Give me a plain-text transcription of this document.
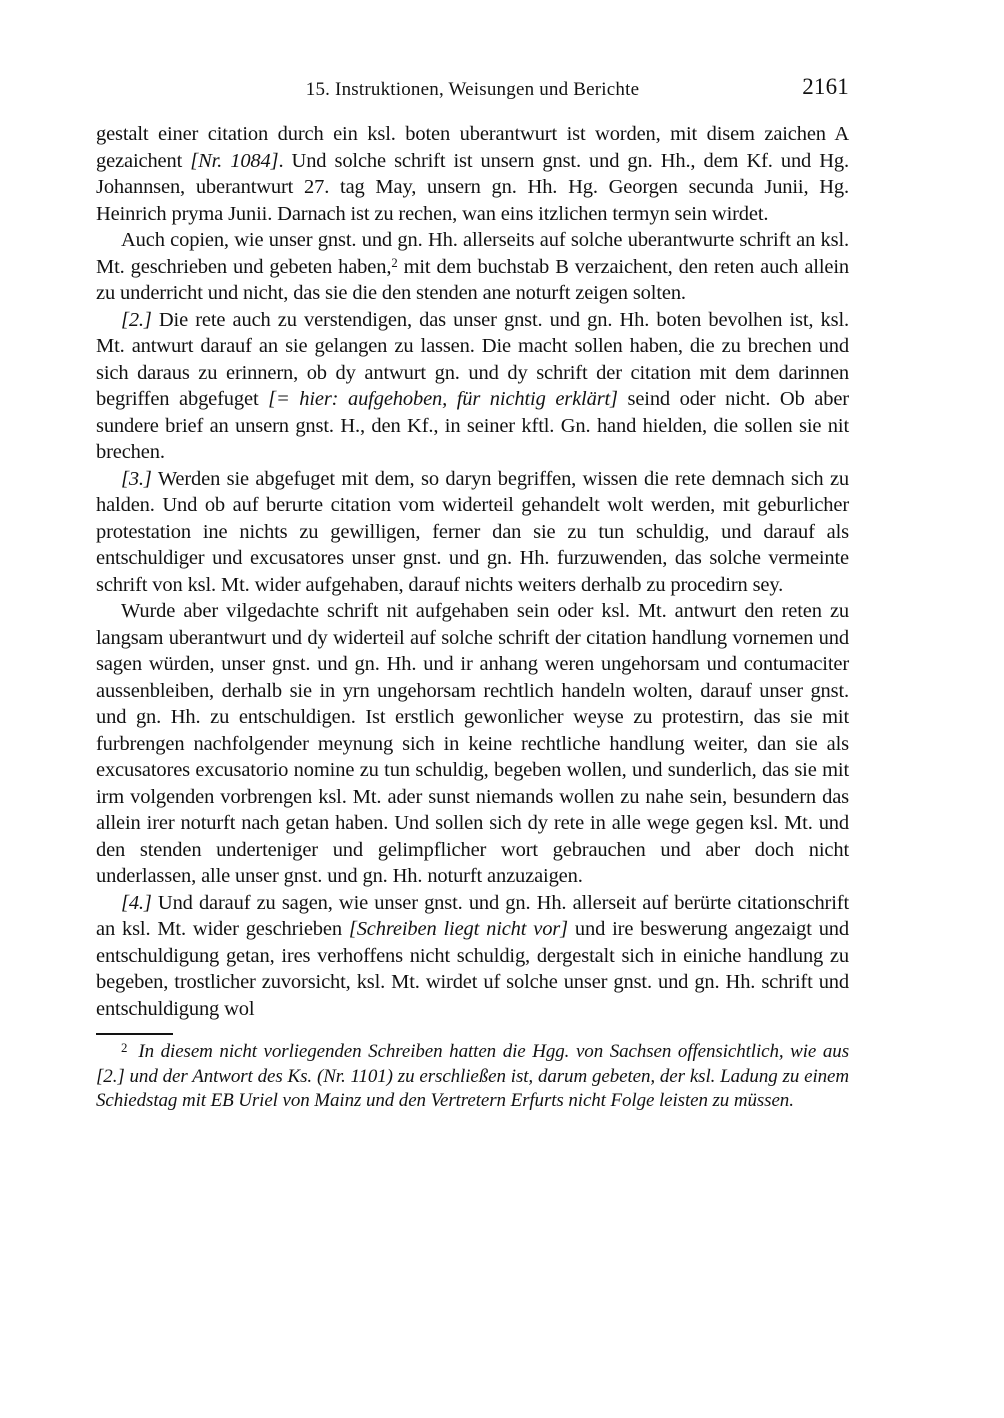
15. Instruktionen, Weisungen und Berichte	2161

gestalt einer citation durch ein ksl. boten uberantwurt ist worden, mit disem zaichen A gezaichent [Nr. 1084]. Und solche schrift ist unsern gnst. und gn. Hh., dem Kf. und Hg. Johannsen, uberantwurt 27. tag May, unsern gn. Hh. Hg. Georgen secunda Junii, Hg. Heinrich pryma Junii. Darnach ist zu rechen, wan eins itzlichen termyn sein wirdet.

Auch copien, wie unser gnst. und gn. Hh. allerseits auf solche uberantwurte schrift an ksl. Mt. geschrieben und gebeten haben,$^2$ mit dem buchstab B verzaichent, den reten auch allein zu underricht und nicht, das sie die den stenden ane noturft zeigen solten.

[2.] Die rete auch zu verstendigen, das unser gnst. und gn. Hh. boten bevolhen ist, ksl. Mt. antwurt darauf an sie gelangen zu lassen. Die macht sollen haben, die zu brechen und sich daraus zu erinnern, ob dy antwurt gn. und dy schrift der citation mit dem darinnen begriffen abgefuget [= hier: aufgehoben, für nichtig erklärt] seind oder nicht. Ob aber sundere brief an unsern gnst. H., den Kf., in seiner kftl. Gn. hand hielden, die sollen sie nit brechen.

[3.] Werden sie abgefuget mit dem, so daryn begriffen, wissen die rete demnach sich zu halden. Und ob auf berurte citation vom widerteil gehandelt wolt werden, mit geburlicher protestation ine nichts zu gewilligen, ferner dan sie zu tun schuldig, und darauf als entschuldiger und excusatores unser gnst. und gn. Hh. furzuwenden, das solche vermeinte schrift von ksl. Mt. wider aufgehaben, darauf nichts weiters derhalb zu procedirn sey.

Wurde aber vilgedachte schrift nit aufgehaben sein oder ksl. Mt. antwurt den reten zu langsam uberantwurt und dy widerteil auf solche schrift der citation handlung vornemen und sagen würden, unser gnst. und gn. Hh. und ir anhang weren ungehorsam und contumaciter aussenbleiben, derhalb sie in yrn ungehorsam rechtlich handeln wolten, darauf unser gnst. und gn. Hh. zu entschuldigen. Ist erstlich gewonlicher weyse zu protestirn, das sie mit furbrengen nachfolgender meynung sich in keine rechtliche handlung weiter, dan sie als excusatores excusatorio nomine zu tun schuldig, begeben wollen, und sunderlich, das sie mit irm volgenden vorbrengen ksl. Mt. ader sunst niemands wollen zu nahe sein, besundern das allein irer noturft nach getan haben. Und sollen sich dy rete in alle wege gegen ksl. Mt. und den stenden underteniger und gelimpflicher wort gebrauchen und aber doch nicht underlassen, alle unser gnst. und gn. Hh. noturft anzuzaigen.

[4.] Und darauf zu sagen, wie unser gnst. und gn. Hh. allerseit auf berürte citationschrift an ksl. Mt. wider geschrieben [Schreiben liegt nicht vor] und ire beswerung angezaigt und entschuldigung getan, ires verhoffens nicht schuldig, dergestalt sich in einiche handlung zu begeben, trostlicher zuvorsicht, ksl. Mt. wirdet uf solche unser gnst. und gn. Hh. schrift und entschuldigung wol

$^2$ In diesem nicht vorliegenden Schreiben hatten die Hgg. von Sachsen offensichtlich, wie aus [2.] und der Antwort des Ks. (Nr. 1101) zu erschließen ist, darum gebeten, der ksl. Ladung zu einem Schiedstag mit EB Uriel von Mainz und den Vertretern Erfurts nicht Folge leisten zu müssen.
